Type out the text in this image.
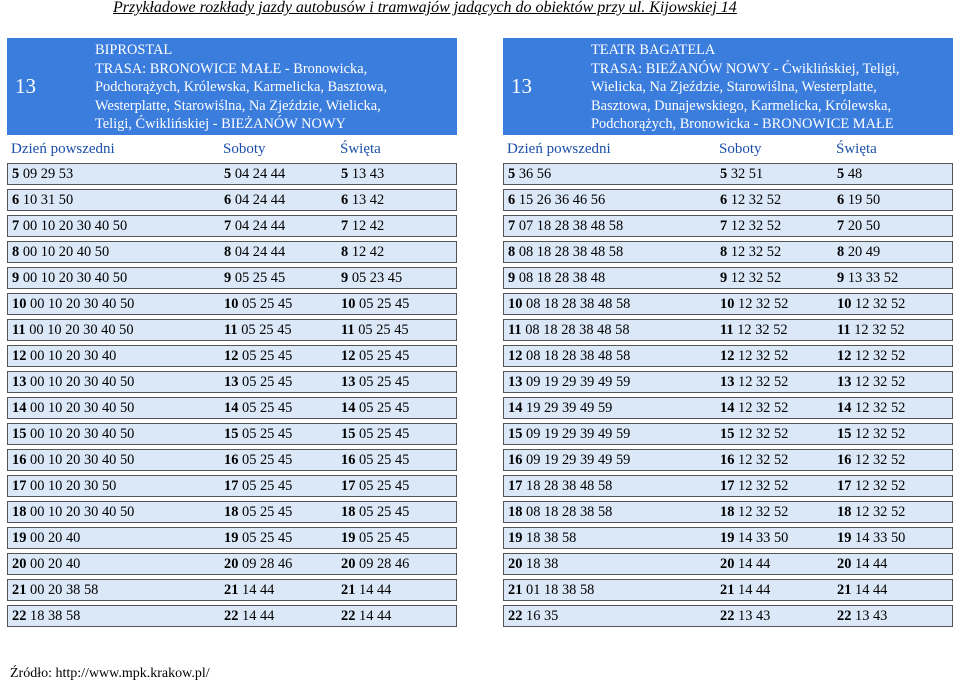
Przykładowe rozkłady jazdy autobusów i tramwajów jadących do obiektów przy ul. Kijowskiej 14
13
BIPROSTAL
TRASA: BRONOWICE MAŁE - Bronowicka,
Podchorążych, Królewska, Karmelicka, Basztowa,
Westerplatte, Starowiślna, Na Zjeździe, Wielicka,
Teligi, Ćwiklińskiej - BIEŻANÓW NOWY
Dzień powszedni	Soboty	Święta
5 09 29 53	5 04 24 44	5 13 43
6 10 31 50	6 04 24 44	6 13 42
7 00 10 20 30 40 50	7 04 24 44	7 12 42
8 00 10 20 40 50	8 04 24 44	8 12 42
9 00 10 20 30 40 50	9 05 25 45	9 05 23 45
10 00 10 20 30 40 50	10 05 25 45	10 05 25 45
11 00 10 20 30 40 50	11 05 25 45	11 05 25 45
12 00 10 20 30 40	12 05 25 45	12 05 25 45
13 00 10 20 30 40 50	13 05 25 45	13 05 25 45
14 00 10 20 30 40 50	14 05 25 45	14 05 25 45
15 00 10 20 30 40 50	15 05 25 45	15 05 25 45
16 00 10 20 30 40 50	16 05 25 45	16 05 25 45
17 00 10 20 30 50	17 05 25 45	17 05 25 45
18 00 10 20 30 40 50	18 05 25 45	18 05 25 45
19 00 20 40	19 05 25 45	19 05 25 45
20 00 20 40	20 09 28 46	20 09 28 46
21 00 20 38 58	21 14 44	21 14 44
22 18 38 58	22 14 44	22 14 44
13
TEATR BAGATELA
TRASA: BIEŻANÓW NOWY - Ćwiklińskiej, Teligi,
Wielicka, Na Zjeździe, Starowiślna, Westerplatte,
Basztowa, Dunajewskiego, Karmelicka, Królewska,
Podchorążych, Bronowicka - BRONOWICE MAŁE
Dzień powszedni	Soboty	Święta
5 36 56	5 32 51	5 48
6 15 26 36 46 56	6 12 32 52	6 19 50
7 07 18 28 38 48 58	7 12 32 52	7 20 50
8 08 18 28 38 48 58	8 12 32 52	8 20 49
9 08 18 28 38 48	9 12 32 52	9 13 33 52
10 08 18 28 38 48 58	10 12 32 52	10 12 32 52
11 08 18 28 38 48 58	11 12 32 52	11 12 32 52
12 08 18 28 38 48 58	12 12 32 52	12 12 32 52
13 09 19 29 39 49 59	13 12 32 52	13 12 32 52
14 19 29 39 49 59	14 12 32 52	14 12 32 52
15 09 19 29 39 49 59	15 12 32 52	15 12 32 52
16 09 19 29 39 49 59	16 12 32 52	16 12 32 52
17 18 28 38 48 58	17 12 32 52	17 12 32 52
18 08 18 28 38 58	18 12 32 52	18 12 32 52
19 18 38 58	19 14 33 50	19 14 33 50
20 18 38	20 14 44	20 14 44
21 01 18 38 58	21 14 44	21 14 44
22 16 35	22 13 43	22 13 43
Źródło: http://www.mpk.krakow.pl/
